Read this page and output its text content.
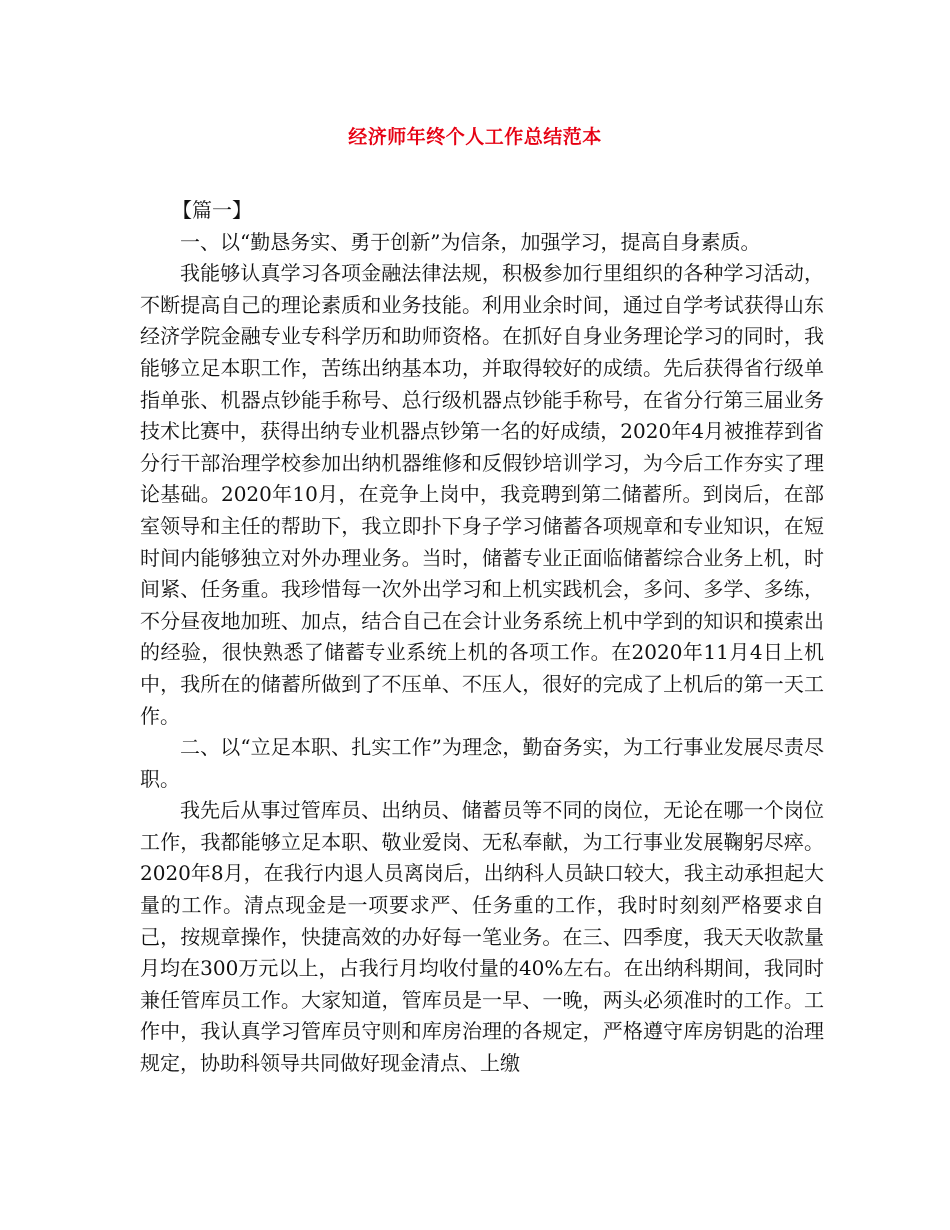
经济师年终个人工作总结范本

【篇一】

一、以“勤恳务实、勇于创新”为信条，加强学习，提高自身素质。

我能够认真学习各项金融法律法规，积极参加行里组织的各种学习活动，不断提高自己的理论素质和业务技能。利用业余时间，通过自学考试获得山东经济学院金融专业专科学历和助师资格。在抓好自身业务理论学习的同时，我能够立足本职工作，苦练出纳基本功，并取得较好的成绩。先后获得省行级单指单张、机器点钞能手称号、总行级机器点钞能手称号，在省分行第三届业务技术比赛中，获得出纳专业机器点钞第一名的好成绩，2020年4月被推荐到省分行干部治理学校参加出纳机器维修和反假钞培训学习，为今后工作夯实了理论基础。2020年10月，在竞争上岗中，我竞聘到第二储蓄所。到岗后，在部室领导和主任的帮助下，我立即扑下身子学习储蓄各项规章和专业知识，在短时间内能够独立对外办理业务。当时，储蓄专业正面临储蓄综合业务上机，时间紧、任务重。我珍惜每一次外出学习和上机实践机会，多问、多学、多练，不分昼夜地加班、加点，结合自己在会计业务系统上机中学到的知识和摸索出的经验，很快熟悉了储蓄专业系统上机的各项工作。在2020年11月4日上机中，我所在的储蓄所做到了不压单、不压人，很好的完成了上机后的第一天工作。

二、以“立足本职、扎实工作”为理念，勤奋务实，为工行事业发展尽责尽职。

我先后从事过管库员、出纳员、储蓄员等不同的岗位，无论在哪一个岗位工作，我都能够立足本职、敬业爱岗、无私奉献，为工行事业发展鞠躬尽瘁。2020年8月，在我行内退人员离岗后，出纳科人员缺口较大，我主动承担起大量的工作。清点现金是一项要求严、任务重的工作，我时时刻刻严格要求自己，按规章操作，快捷高效的办好每一笔业务。在三、四季度，我天天收款量月均在300万元以上，占我行月均收付量的40%左右。在出纳科期间，我同时兼任管库员工作。大家知道，管库员是一早、一晚，两头必须准时的工作。工作中，我认真学习管库员守则和库房治理的各规定，严格遵守库房钥匙的治理规定，协助科领导共同做好现金清点、上缴
